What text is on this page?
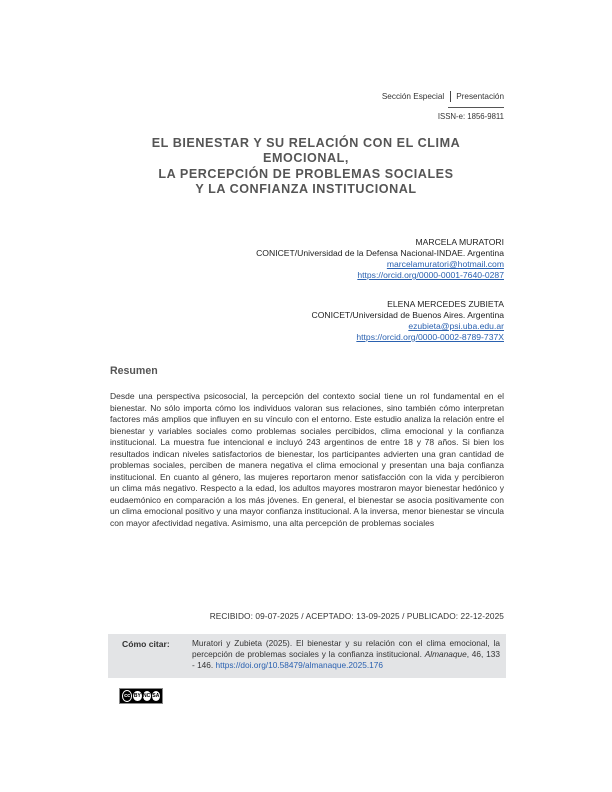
Sección Especial Presentación
ISSN-e: 1856-9811
EL BIENESTAR Y SU RELACIÓN CON EL CLIMA EMOCIONAL,
LA PERCEPCIÓN DE PROBLEMAS SOCIALES
Y LA CONFIANZA INSTITUCIONAL
MARCELA MURATORI
CONICET/Universidad de la Defensa Nacional-INDAE. Argentina
marcelamuratori@hotmail.com
https://orcid.org/0000-0001-7640-0287
ELENA MERCEDES ZUBIETA
CONICET/Universidad de Buenos Aires. Argentina
ezubieta@psi.uba.edu.ar
https://orcid.org/0000-0002-8789-737X
Resumen
Desde una perspectiva psicosocial, la percepción del contexto social tiene un rol fundamental en el bienestar. No sólo importa cómo los individuos valoran sus relaciones, sino también cómo interpretan factores más amplios que influyen en su vínculo con el entorno. Este estudio analiza la relación entre el bienestar y variables sociales como problemas sociales percibidos, clima emocional y la confianza institucional. La muestra fue intencional e incluyó 243 argentinos de entre 18 y 78 años. Si bien los resultados indican niveles satisfactorios de bienestar, los participantes advierten una gran cantidad de problemas sociales, perciben de manera negativa el clima emocional y presentan una baja confianza institucional. En cuanto al género, las mujeres reportaron menor satisfacción con la vida y percibieron un clima más negativo. Respecto a la edad, los adultos mayores mostraron mayor bienestar hedónico y eudaemónico en comparación a los más jóvenes. En general, el bienestar se asocia positivamente con un clima emocional positivo y una mayor confianza institucional. A la inversa, menor bienestar se vincula con mayor afectividad negativa. Asimismo, una alta percepción de problemas sociales
RECIBIDO: 09-07-2025 / ACEPTADO: 13-09-2025 / PUBLICADO: 22-12-2025
Cómo citar:	Muratori y Zubieta (2025). El bienestar y su relación con el clima emocional, la percepción de problemas sociales y la confianza institucional. Almanaque, 46, 133 - 146. https://doi.org/10.58479/almanaque.2025.176
cc BY NC SA
